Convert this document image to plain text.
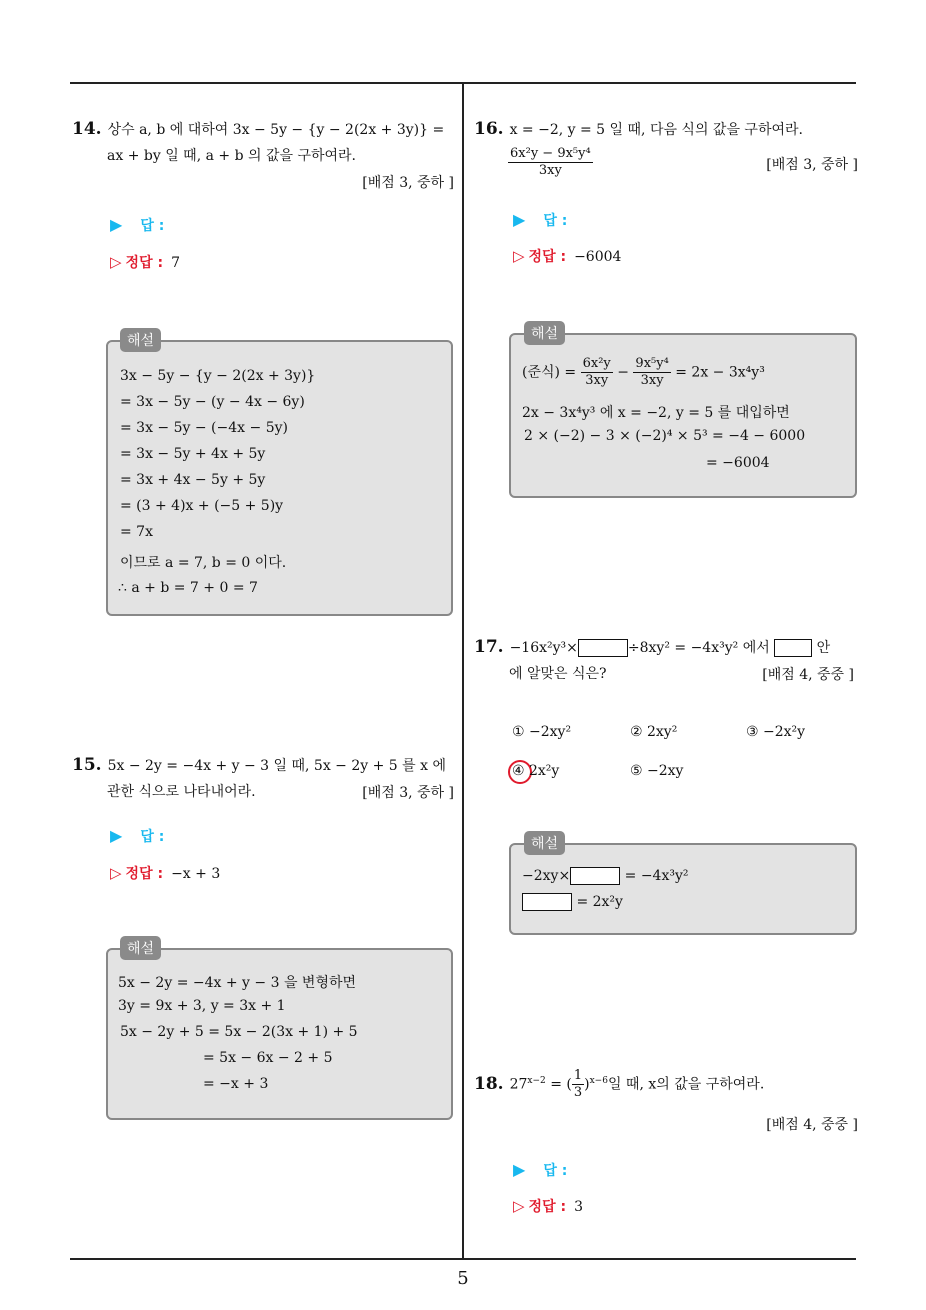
14. 상수 a, b 에 대하여 3x − 5y − {y − 2(2x + 3y)} =
ax + by 일 때, a + b 의 값을 구하여라.
[배점 3, 중하 ]
▶ 답 :
▷ 정답 : 7
해설
3x − 5y − {y − 2(2x + 3y)}
= 3x − 5y − (y − 4x − 6y)
= 3x − 5y − (−4x − 5y)
= 3x − 5y + 4x + 5y
= 3x + 4x − 5y + 5y
= (3 + 4)x + (−5 + 5)y
= 7x
이므로 a = 7, b = 0 이다.
∴ a + b = 7 + 0 = 7
15. 5x − 2y = −4x + y − 3 일 때, 5x − 2y + 5 를 x 에
관한 식으로 나타내어라.	[배점 3, 중하 ]
▶ 답 :
▷ 정답 : −x + 3
해설
5x − 2y = −4x + y − 3 을 변형하면
3y = 9x + 3, y = 3x + 1
5x − 2y + 5 = 5x − 2(3x + 1) + 5
= 5x − 6x − 2 + 5
= −x + 3
16. x = −2, y = 5 일 때, 다음 식의 값을 구하여라.
$\frac{\text{6x²y − 9x⁵y⁴}}{3xy}$	[배점 3, 중하 ]
▶ 답 :
▷ 정답 : −6004
해설
(준식) = $\frac{\text{6x²y}}{3xy} - \frac{\text{9x⁵y⁴}}{3xy} = 2x - 3x^4y^3$
2x − 3x⁴y³ 에 x = −2, y = 5 를 대입하면
2 × (−2) − 3 × (−2)⁴ × 5³ = −4 − 6000
= −6004
17. −16x²y³×	÷8xy² = −4x³y² 에서	안
에 알맞은 식은?	[배점 4, 중중 ]
① −2xy²	② 2xy²	③ −2x²y
④ 2x²y	⑤ −2xy
해설
−2xy×	= −4x³y²
= 2x²y
18. $27^{x-2}$ = ( $\frac{1}{3} )^{x-6}$일 때, x의 값을 구하여라.
[배점 4, 중중 ]
▶ 답 :
▷ 정답 : 3
5
